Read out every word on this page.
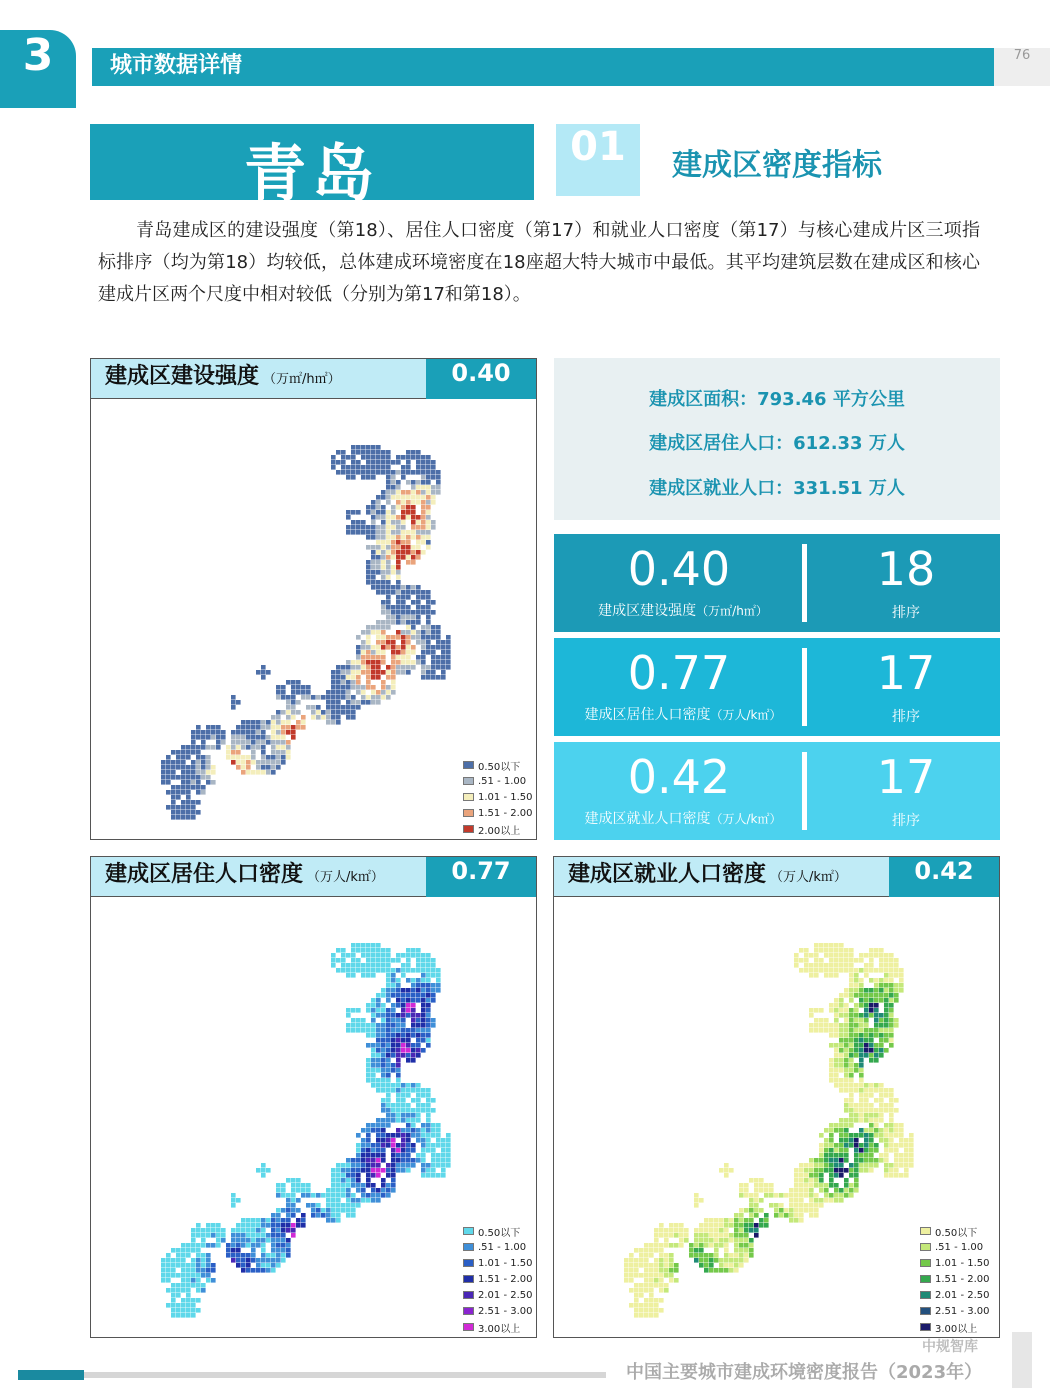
3	城市数据详情	76
青岛	01	建成区密度指标

青岛建成区的建设强度（第18）、居住人口密度（第17）和就业人口密度（第17）与核心建成片区三项指标排序（均为第18）均较低，总体建成环境密度在18座超大特大城市中最低。其平均建筑层数在建成区和核心建成片区两个尺度中相对较低（分别为第17和第18）。

建成区建设强度 （万㎡/h㎡）	0.40
0.50以下
.51 - 1.00
1.01 - 1.50
1.51 - 2.00
2.00以上
建成区面积：793.46 平方公里
建成区居住人口：612.33 万人
建成区就业人口：331.51 万人
0.40
建成区建设强度（万㎡/h㎡）
18
排序
0.77
建成区居住人口密度（万人/k㎡）
17
排序
0.42
建成区就业人口密度（万人/k㎡）
17
排序
建成区居住人口密度 （万人/k㎡）	0.77
0.50以下
.51 - 1.00
1.01 - 1.50
1.51 - 2.00
2.01 - 2.50
2.51 - 3.00
3.00以上
建成区就业人口密度 （万人/k㎡）	0.42
0.50以下
.51 - 1.00
1.01 - 1.50
1.51 - 2.00
2.01 - 2.50
2.51 - 3.00
3.00以上
中国主要城市建成环境密度报告（2023年）
中规智库
